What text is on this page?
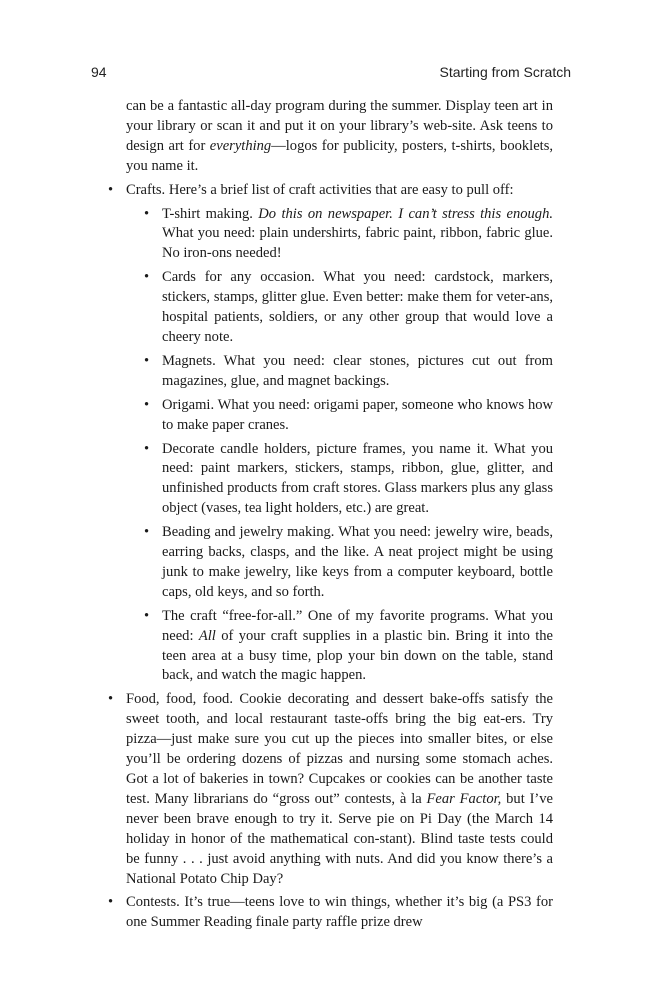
94	Starting from Scratch

can be a fantastic all-day program during the summer. Display teen art in your library or scan it and put it on your library’s web-site. Ask teens to design art for everything—logos for publicity, posters, t-shirts, booklets, you name it.

• Crafts. Here’s a brief list of craft activities that are easy to pull off:
• T-shirt making. Do this on newspaper. I can’t stress this enough. What you need: plain undershirts, fabric paint, ribbon, fabric glue. No iron-ons needed!
• Cards for any occasion. What you need: cardstock, markers, stickers, stamps, glitter glue. Even better: make them for veter-ans, hospital patients, soldiers, or any other group that would love a cheery note.
• Magnets. What you need: clear stones, pictures cut out from magazines, glue, and magnet backings.
• Origami. What you need: origami paper, someone who knows how to make paper cranes.
• Decorate candle holders, picture frames, you name it. What you need: paint markers, stickers, stamps, ribbon, glue, glitter, and unfinished products from craft stores. Glass markers plus any glass object (vases, tea light holders, etc.) are great.
• Beading and jewelry making. What you need: jewelry wire, beads, earring backs, clasps, and the like. A neat project might be using junk to make jewelry, like keys from a computer keyboard, bottle caps, old keys, and so forth.
• The craft “free-for-all.” One of my favorite programs. What you need: All of your craft supplies in a plastic bin. Bring it into the teen area at a busy time, plop your bin down on the table, stand back, and watch the magic happen.
• Food, food, food. Cookie decorating and dessert bake-offs satisfy the sweet tooth, and local restaurant taste-offs bring the big eat-ers. Try pizza—just make sure you cut up the pieces into smaller bites, or else you’ll be ordering dozens of pizzas and nursing some stomach aches. Got a lot of bakeries in town? Cupcakes or cookies can be another taste test. Many librarians do “gross out” contests, à la Fear Factor, but I’ve never been brave enough to try it. Serve pie on Pi Day (the March 14 holiday in honor of the mathematical con-stant). Blind taste tests could be funny . . . just avoid anything with nuts. And did you know there’s a National Potato Chip Day?
• Contests. It’s true—teens love to win things, whether it’s big (a PS3 for one Summer Reading finale party raffle prize drew
